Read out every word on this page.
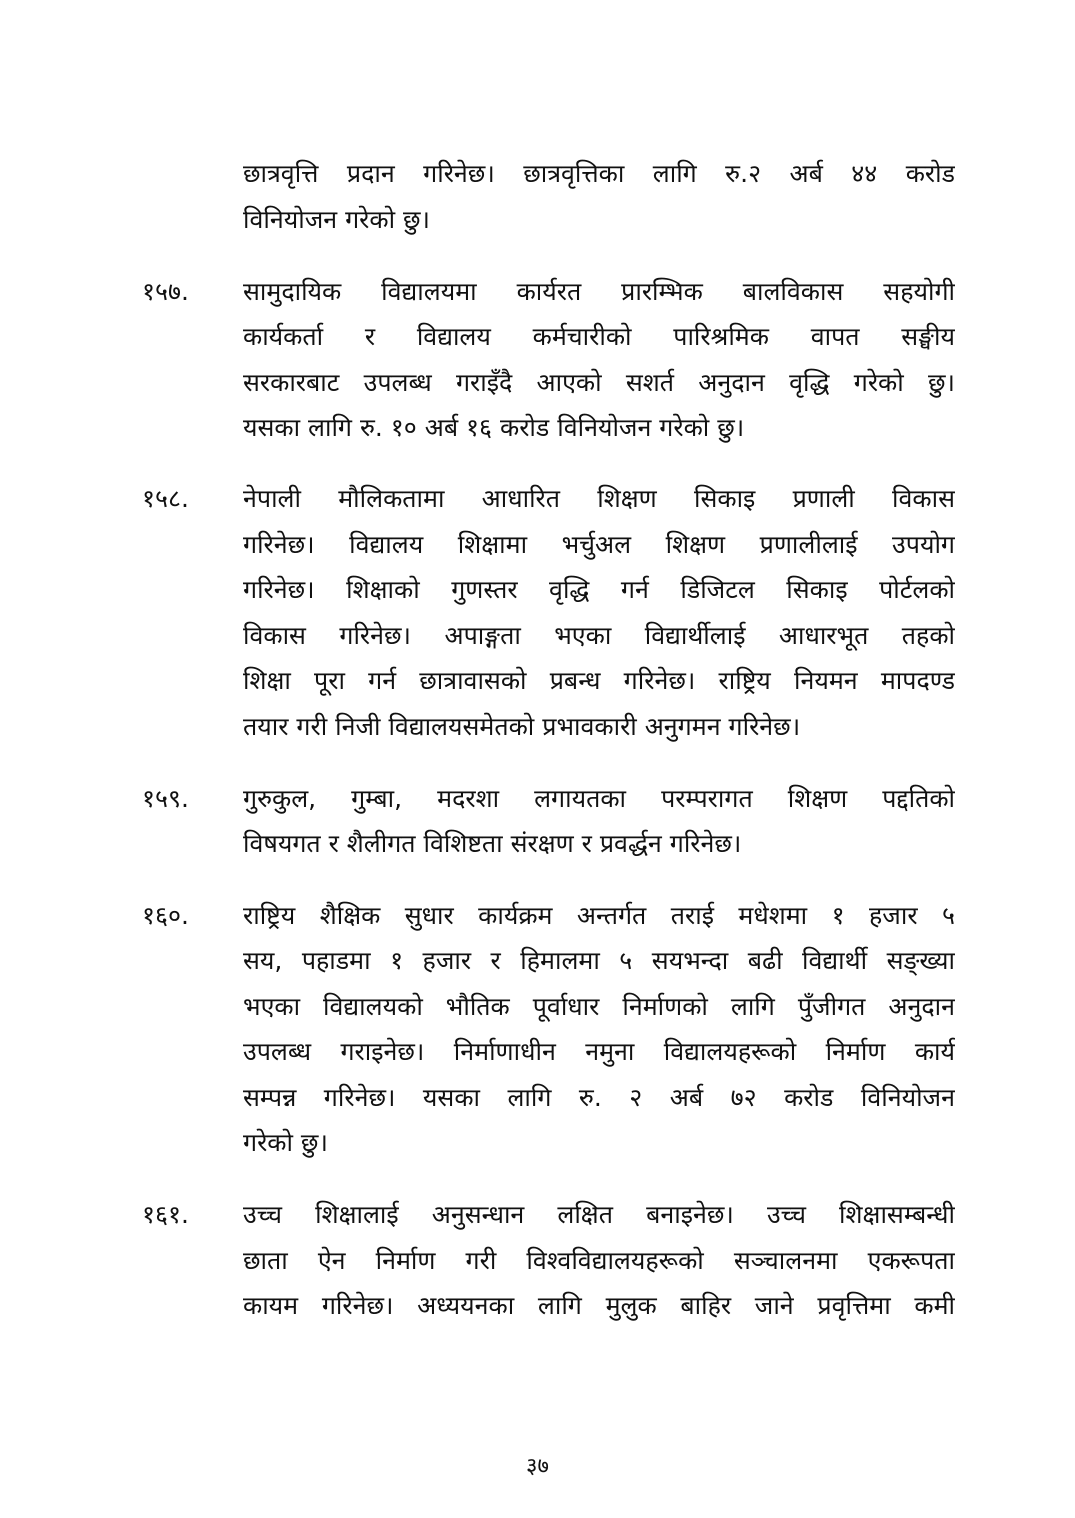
छात्रवृत्ति प्रदान गरिनेछ। छात्रवृत्तिका लागि रु.२ अर्ब ४४ करोड
विनियोजन गरेको छु।
१५७. सामुदायिक विद्यालयमा कार्यरत प्रारम्भिक बालविकास सहयोगी
कार्यकर्ता र विद्यालय कर्मचारीको पारिश्रमिक वापत सङ्घीय
सरकारबाट उपलब्ध गराइँदै आएको सशर्त अनुदान वृद्धि गरेको छु।
यसका लागि रु. १० अर्ब १६ करोड विनियोजन गरेको छु।
१५८. नेपाली मौलिकतामा आधारित शिक्षण सिकाइ प्रणाली विकास
गरिनेछ। विद्यालय शिक्षामा भर्चुअल शिक्षण प्रणालीलाई उपयोग
गरिनेछ। शिक्षाको गुणस्तर वृद्धि गर्न डिजिटल सिकाइ पोर्टलको
विकास गरिनेछ। अपाङ्गता भएका विद्यार्थीलाई आधारभूत तहको
शिक्षा पूरा गर्न छात्रावासको प्रबन्ध गरिनेछ। राष्ट्रिय नियमन मापदण्ड
तयार गरी निजी विद्यालयसमेतको प्रभावकारी अनुगमन गरिनेछ।
१५९. गुरुकुल, गुम्बा, मदरशा लगायतका परम्परागत शिक्षण पद्दतिको
विषयगत र शैलीगत विशिष्टता संरक्षण र प्रवर्द्धन गरिनेछ।
१६०. राष्ट्रिय शैक्षिक सुधार कार्यक्रम अन्तर्गत तराई मधेशमा १ हजार ५
सय, पहाडमा १ हजार र हिमालमा ५ सयभन्दा बढी विद्यार्थी सङ्ख्या
भएका विद्यालयको भौतिक पूर्वाधार निर्माणको लागि पुँजीगत अनुदान
उपलब्ध गराइनेछ। निर्माणाधीन नमुना विद्यालयहरूको निर्माण कार्य
सम्पन्न गरिनेछ। यसका लागि रु. २ अर्ब ७२ करोड विनियोजन
गरेको छु।
१६१. उच्च शिक्षालाई अनुसन्धान लक्षित बनाइनेछ। उच्च शिक्षासम्बन्धी
छाता ऐन निर्माण गरी विश्वविद्यालयहरूको सञ्चालनमा एकरूपता
कायम गरिनेछ। अध्ययनका लागि मुलुक बाहिर जाने प्रवृत्तिमा कमी
३७
